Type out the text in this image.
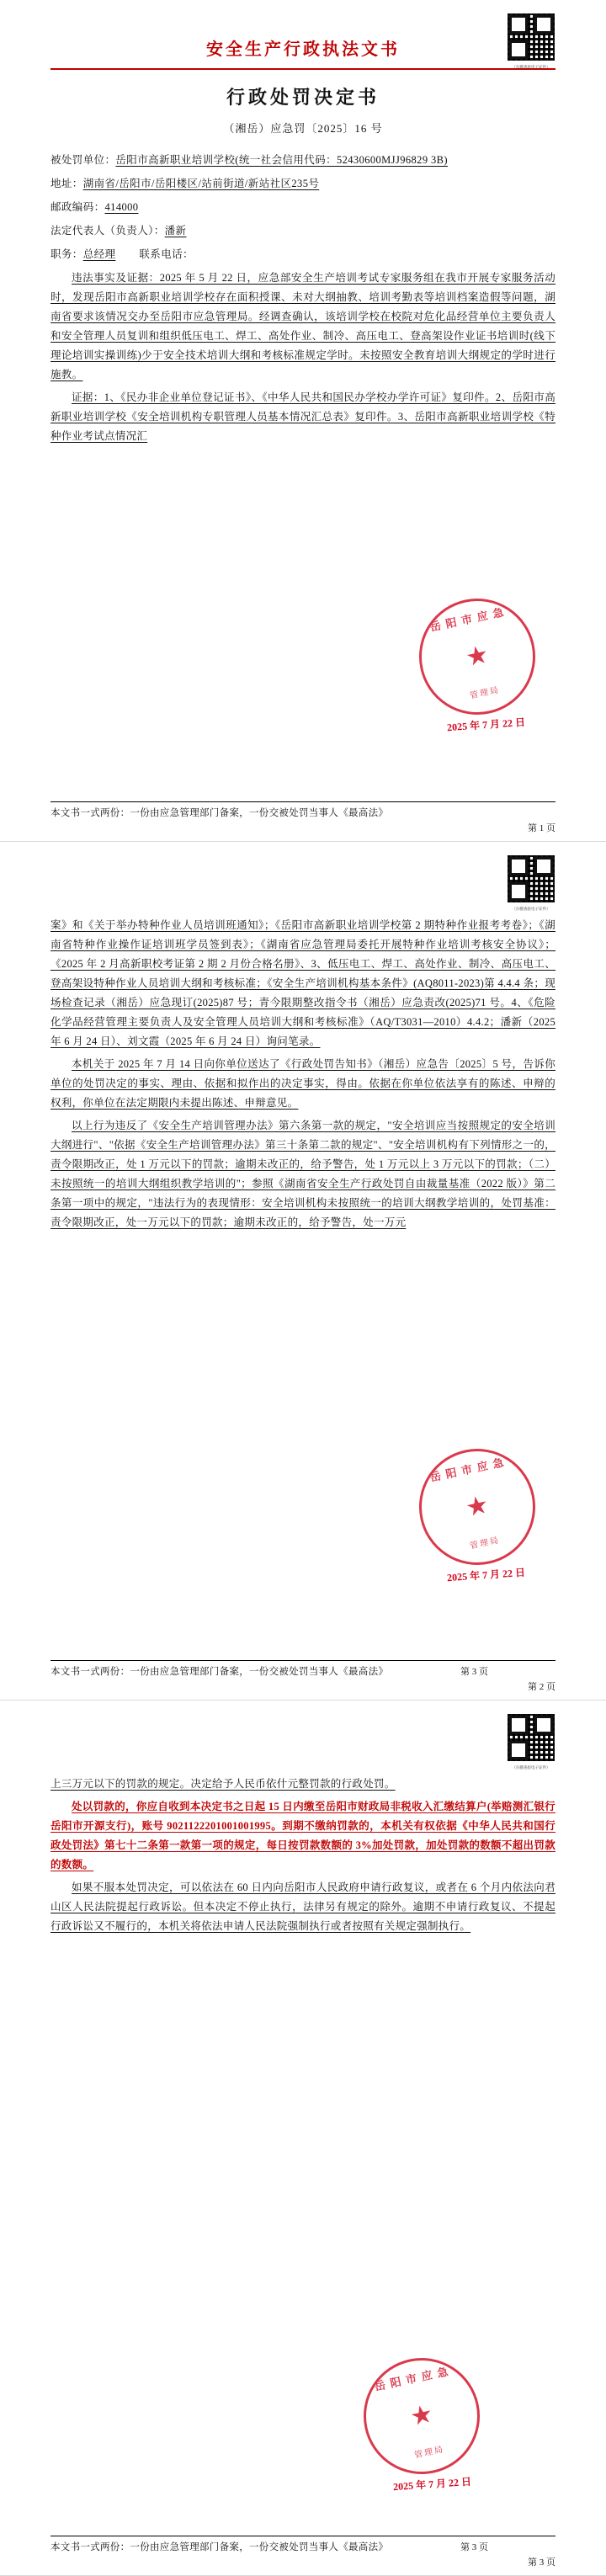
（扫描查验电子证件）
安全生产行政执法文书
行政处罚决定书
（湘岳）应急罚〔2025〕16 号

被处罚单位：岳阳市高新职业培训学校(统一社会信用代码：52430600MJJ96829 3B)

地址：湖南省/岳阳市/岳阳楼区/站前街道/新站社区235号

邮政编码：414000

法定代表人（负责人）：潘新

职务：总经理 联系电话：

违法事实及证据：2025 年 5 月 22 日，应急部安全生产培训考试专家服务组在我市开展专家服务活动时，发现岳阳市高新职业培训学校存在面积授课、未对大纲抽教、培训考勤表等培训档案造假等问题，湖南省要求该情况交办至岳阳市应急管理局。经调查确认，该培训学校在校院对危化品经营单位主要负责人和安全管理人员复训和组织低压电工、焊工、高处作业、制冷、高压电工、登高架设作业证书培训时(线下理论培训实操训练)少于安全技术培训大纲和考核标准规定学时。未按照安全教育培训大纲规定的学时进行施教。

证据：1、《民办非企业单位登记证书》、《中华人民共和国民办学校办学许可证》复印件。2、岳阳市高新职业培训学校《安全培训机构专职管理人员基本情况汇总表》复印件。3、岳阳市高新职业培训学校《特种作业考试点情况汇

岳阳市应急
★
管理局
2025 年 7 月 22 日
本文书一式两份：一份由应急管理部门备案，一份交被处罚当事人《最高法》
第 1 页
（扫描查验电子证件）

案》和《关于举办特种作业人员培训班通知》；《岳阳市高新职业培训学校第 2 期特种作业报考考卷》；《湖南省特种作业操作证培训班学员签到表》；《湖南省应急管理局委托开展特种作业培训考核安全协议》；《2025 年 2 月高新职校考证第 2 期 2 月份合格名册》、3、低压电工、焊工、高处作业、制冷、高压电工、登高架设特种作业人员培训大纲和考核标准；《安全生产培训机构基本条件》(AQ8011-2023)第 4.4.4 条；现场检查记录（湘岳）应急现订(2025)87 号；青今限期整改指令书（湘岳）应急责改(2025)71 号。4、《危险化学品经营管理主要负责人及安全管理人员培训大纲和考核标准》（AQ/T3031—2010）4.4.2；潘新（2025 年 6 月 24 日）、刘文霞（2025 年 6 月 24 日）询问笔录。

本机关于 2025 年 7 月 14 日向你单位送达了《行政处罚告知书》（湘岳）应急告〔2025〕5 号，告诉你单位的处罚决定的事实、理由、依据和拟作出的决定事实，得由。依据在你单位依法享有的陈述、申辩的权利，你单位在法定期限内未提出陈述、申辩意见。

以上行为违反了《安全生产培训管理办法》第六条第一款的规定，"安全培训应当按照规定的安全培训大纲进行"、"依据《安全生产培训管理办法》第三十条第二款的规定"、"安全培训机构有下列情形之一的，责令限期改正，处 1 万元以下的罚款；逾期未改正的，给予警告，处 1 万元以上 3 万元以下的罚款；（二）未按照统一的培训大纲组织教学培训的"；参照《湖南省安全生产行政处罚自由裁量基准（2022 版）》第二条第一项中的规定，"违法行为的表现情形：安全培训机构未按照统一的培训大纲教学培训的，处罚基准：责令限期改正，处一万元以下的罚款；逾期未改正的，给予警告，处一万元

岳阳市应急
★
管理局
2025 年 7 月 22 日
本文书一式两份：一份由应急管理部门备案，一份交被处罚当事人《最高法》
第 2 页
第 3 页
（扫描查验电子证件）

上三万元以下的罚款的规定。决定给予人民币依什元整罚款的行政处罚。

处以罚款的，你应自收到本决定书之日起 15 日内缴至岳阳市财政局非税收入汇缴结算户(举赔测汇银行岳阳市开源支行)，账号 9021122201001001995。到期不缴纳罚款的，本机关有权依据《中华人民共和国行政处罚法》第七十二条第一款第一项的规定，每日按罚款数额的 3%加处罚款，加处罚款的数额不超出罚款的数额。

如果不服本处罚决定，可以依法在 60 日内向岳阳市人民政府申请行政复议，或者在 6 个月内依法向君山区人民法院提起行政诉讼。但本决定不停止执行，法律另有规定的除外。逾期不申请行政复议、不提起行政诉讼又不履行的，本机关将依法申请人民法院强制执行或者按照有关规定强制执行。

岳阳市应急
★
管理局
2025 年 7 月 22 日
本文书一式两份：一份由应急管理部门备案，一份交被处罚当事人《最高法》
第 3 页
第 3 页
